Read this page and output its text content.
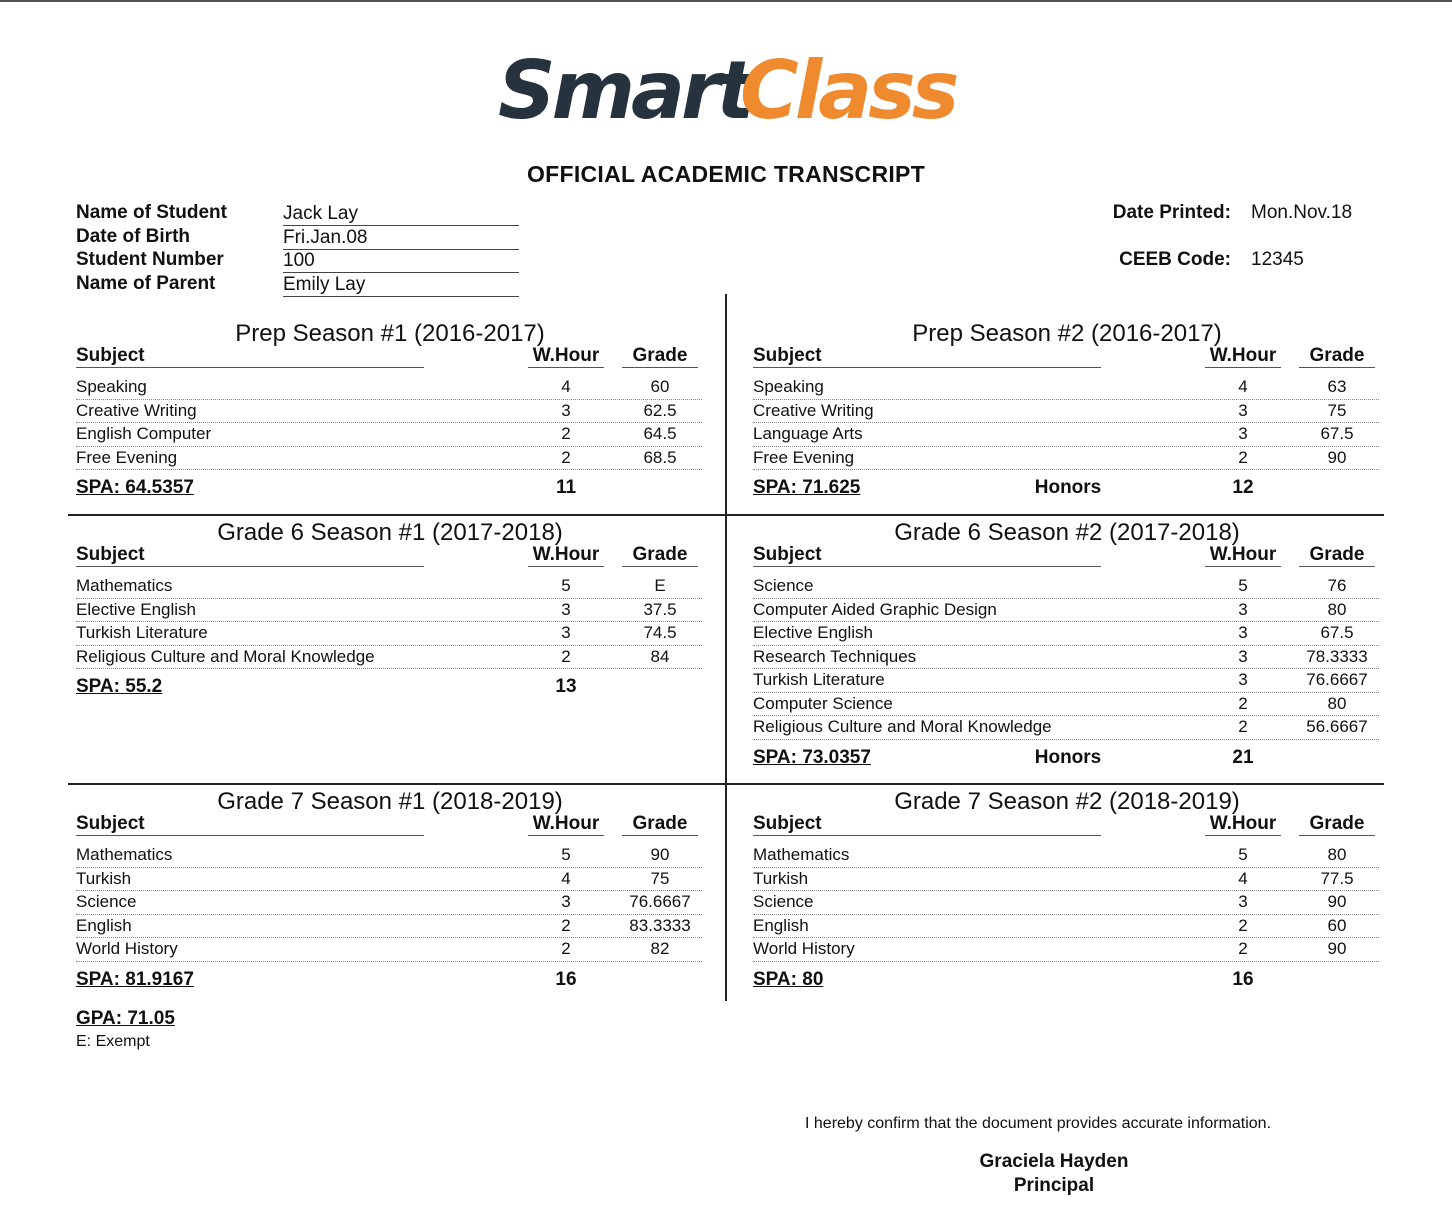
Smart
Class
OFFICIAL ACADEMIC TRANSCRIPT
Name of Student	Jack Lay
Date of Birth	Fri.Jan.08
Student Number	100
Name of Parent	Emily Lay
Date Printed: Mon.Nov.18
CEEB Code: 12345
Prep Season #1 (2016-2017)
Subject	W.Hour	Grade
Speaking	4	60
Creative Writing	3	62.5
English Computer	2	64.5
Free Evening	2	68.5
SPA: 64.5357	11
Prep Season #2 (2016-2017)
Subject	W.Hour	Grade
Speaking	4	63
Creative Writing	3	75
Language Arts	3	67.5
Free Evening	2	90
SPA: 71.625	Honors	12
Grade 6 Season #1 (2017-2018)
Subject	W.Hour	Grade
Mathematics	5	E
Elective English	3	37.5
Turkish Literature	3	74.5
Religious Culture and Moral Knowledge	2	84
SPA: 55.2	13
Grade 6 Season #2 (2017-2018)
Subject	W.Hour	Grade
Science	5	76
Computer Aided Graphic Design	3	80
Elective English	3	67.5
Research Techniques	3	78.3333
Turkish Literature	3	76.6667
Computer Science	2	80
Religious Culture and Moral Knowledge	2	56.6667
SPA: 73.0357	Honors	21
Grade 7 Season #1 (2018-2019)
Subject	W.Hour	Grade
Mathematics	5	90
Turkish	4	75
Science	3	76.6667
English	2	83.3333
World History	2	82
SPA: 81.9167	16
Grade 7 Season #2 (2018-2019)
Subject	W.Hour	Grade
Mathematics	5	80
Turkish	4	77.5
Science	3	90
English	2	60
World History	2	90
SPA: 80	16
GPA: 71.05
E: Exempt
I hereby confirm that the document provides accurate information.
Graciela Hayden
Principal
